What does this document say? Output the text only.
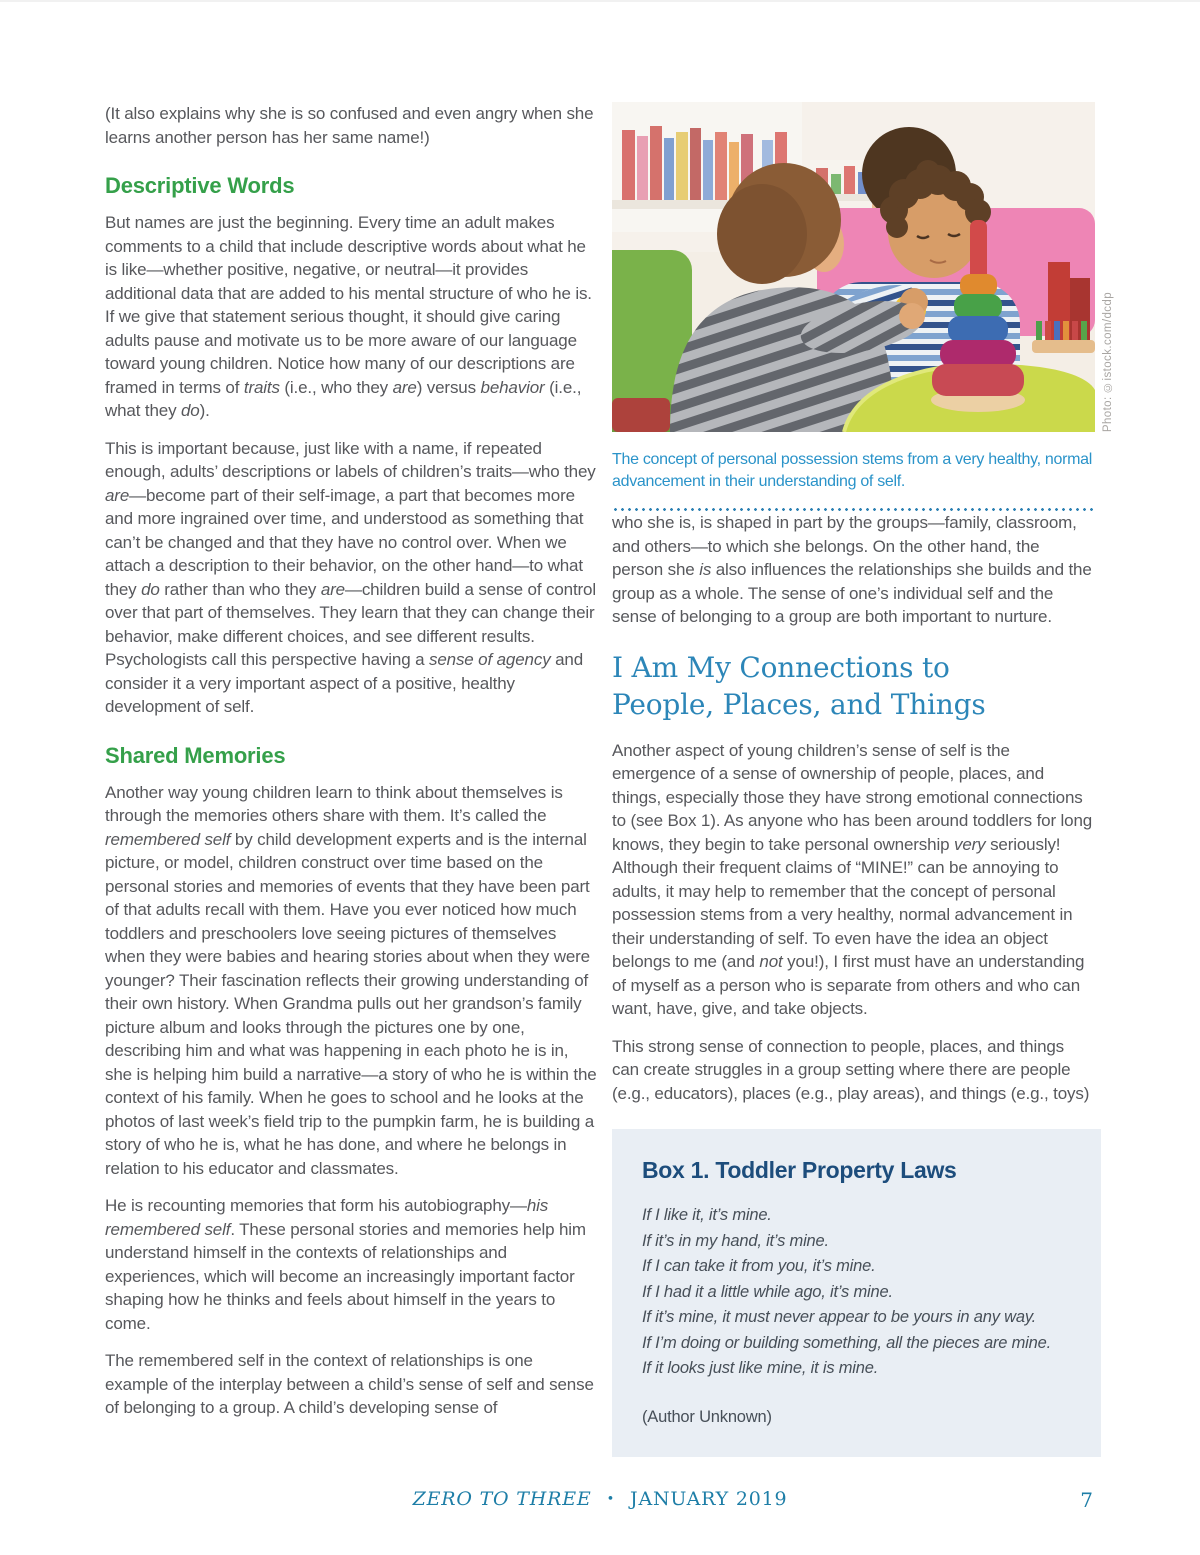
(It also explains why she is so confused and even angry when she learns another person has her same name!)

Descriptive Words

But names are just the beginning. Every time an adult makes comments to a child that include descriptive words about what he is like—whether positive, negative, or neutral—it provides additional data that are added to his mental structure of who he is. If we give that statement serious thought, it should give caring adults pause and motivate us to be more aware of our language toward young children. Notice how many of our descriptions are framed in terms of traits (i.e., who they are) versus behavior (i.e., what they do).

This is important because, just like with a name, if repeated enough, adults’ descriptions or labels of children’s traits—who they are—become part of their self-image, a part that becomes more and more ingrained over time, and understood as something that can’t be changed and that they have no control over. When we attach a description to their behavior, on the other hand—to what they do rather than who they are—children build a sense of control over that part of themselves. They learn that they can change their behavior, make different choices, and see different results. Psychologists call this perspective having a sense of agency and consider it a very important aspect of a positive, healthy development of self.

Shared Memories

Another way young children learn to think about themselves is through the memories others share with them. It’s called the remembered self by child development experts and is the internal picture, or model, children construct over time based on the personal stories and memories of events that they have been part of that adults recall with them. Have you ever noticed how much toddlers and preschoolers love seeing pictures of themselves when they were babies and hearing stories about when they were younger? Their fascination reflects their growing understanding of their own history. When Grandma pulls out her grandson’s family picture album and looks through the pictures one by one, describing him and what was happening in each photo he is in, she is helping him build a narrative—a story of who he is within the context of his family. When he goes to school and he looks at the photos of last week’s field trip to the pumpkin farm, he is building a story of who he is, what he has done, and where he belongs in relation to his educator and classmates.

He is recounting memories that form his autobiography—his remembered self. These personal stories and memories help him understand himself in the contexts of relationships and experiences, which will become an increasingly important factor shaping how he thinks and feels about himself in the years to come.

The remembered self in the context of relationships is one example of the interplay between a child’s sense of self and sense of belonging to a group. A child’s developing sense of

Photo: ©istock.com/dcdp

The concept of personal possession stems from a very healthy, normal advancement in their understanding of self.

who she is, is shaped in part by the groups—family, classroom, and others—to which she belongs. On the other hand, the person she is also influences the relationships she builds and the group as a whole. The sense of one’s individual self and the sense of belonging to a group are both important to nurture.

I Am My Connections to
People, Places, and Things

Another aspect of young children’s sense of self is the emergence of a sense of ownership of people, places, and things, especially those they have strong emotional connections to (see Box 1). As anyone who has been around toddlers for long knows, they begin to take personal ownership very seriously! Although their frequent claims of “MINE!” can be annoying to adults, it may help to remember that the concept of personal possession stems from a very healthy, normal advancement in their understanding of self. To even have the idea an object belongs to me (and not you!), I first must have an understanding of myself as a person who is separate from others and who can want, have, give, and take objects.

This strong sense of connection to people, places, and things can create struggles in a group setting where there are people (e.g., educators), places (e.g., play areas), and things (e.g., toys)

Box 1. Toddler Property Laws
If I like it, it’s mine.
If it’s in my hand, it’s mine.
If I can take it from you, it’s mine.
If I had it a little while ago, it’s mine.
If it’s mine, it must never appear to be yours in any way.
If I’m doing or building something, all the pieces are mine.
If it looks just like mine, it is mine.
(Author Unknown)
ZERO TO THREE • JANUARY 2019	7
